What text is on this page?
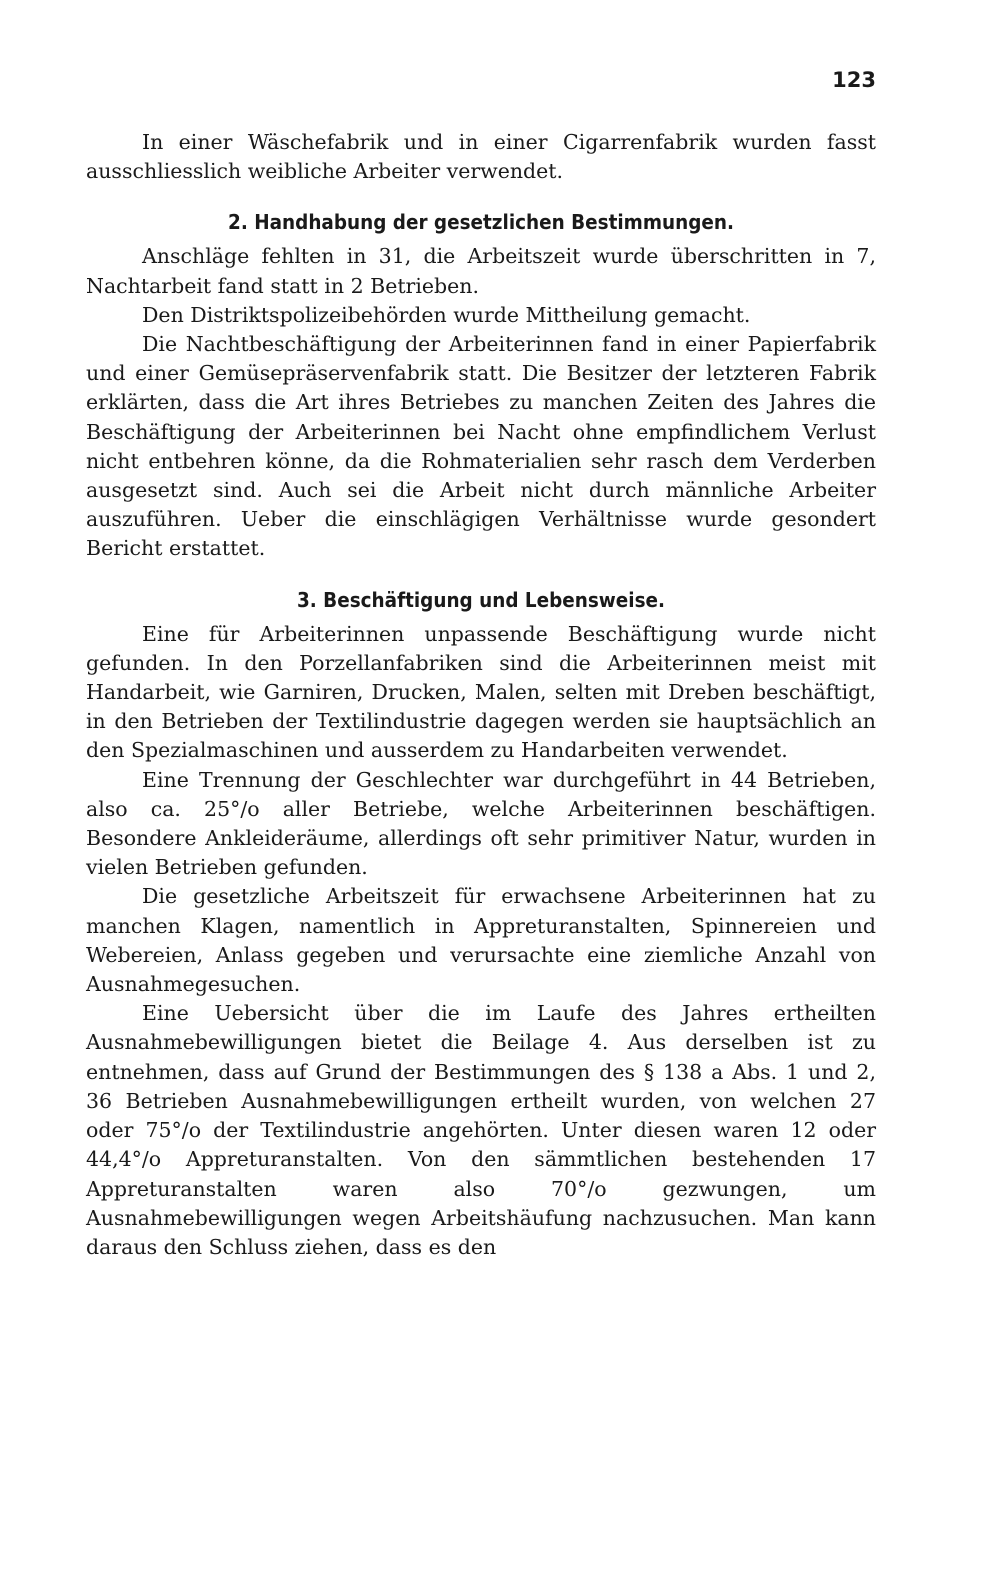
123

In einer Wäschefabrik und in einer Cigarrenfabrik wurden fasst ausschliesslich weibliche Arbeiter verwendet.

2. Handhabung der gesetzlichen Bestimmungen.

Anschläge fehlten in 31, die Arbeitszeit wurde überschritten in 7, Nachtarbeit fand statt in 2 Betrieben.

Den Distriktspolizeibehörden wurde Mittheilung gemacht.

Die Nachtbeschäftigung der Arbeiterinnen fand in einer Papierfabrik und einer Gemüsepräservenfabrik statt. Die Besitzer der letzteren Fabrik erklärten, dass die Art ihres Betriebes zu manchen Zeiten des Jahres die Beschäftigung der Arbeiterinnen bei Nacht ohne empfindlichem Verlust nicht entbehren könne, da die Rohmaterialien sehr rasch dem Verderben ausgesetzt sind. Auch sei die Arbeit nicht durch männliche Arbeiter auszuführen. Ueber die einschlägigen Verhältnisse wurde gesondert Bericht erstattet.

3. Beschäftigung und Lebensweise.

Eine für Arbeiterinnen unpassende Beschäftigung wurde nicht gefunden. In den Porzellanfabriken sind die Arbeiterinnen meist mit Handarbeit, wie Garniren, Drucken, Malen, selten mit Dreben beschäftigt, in den Betrieben der Textilindustrie dagegen werden sie hauptsächlich an den Spezialmaschinen und ausserdem zu Handarbeiten verwendet.

Eine Trennung der Geschlechter war durchgeführt in 44 Betrieben, also ca. 25°/o aller Betriebe, welche Arbeiterinnen beschäftigen. Besondere Ankleideräume, allerdings oft sehr primitiver Natur, wurden in vielen Betrieben gefunden.

Die gesetzliche Arbeitszeit für erwachsene Arbeiterinnen hat zu manchen Klagen, namentlich in Appreturanstalten, Spinnereien und Webereien, Anlass gegeben und verursachte eine ziemliche Anzahl von Ausnahmegesuchen.

Eine Uebersicht über die im Laufe des Jahres ertheilten Ausnahmebewilligungen bietet die Beilage 4. Aus derselben ist zu entnehmen, dass auf Grund der Bestimmungen des § 138 a Abs. 1 und 2, 36 Betrieben Ausnahmebewilligungen ertheilt wurden, von welchen 27 oder 75°/o der Textilindustrie angehörten. Unter diesen waren 12 oder 44,4°/o Appreturanstalten. Von den sämmtlichen bestehenden 17 Appreturanstalten waren also 70°/o gezwungen, um Ausnahmebewilligungen wegen Arbeitshäufung nachzusuchen. Man kann daraus den Schluss ziehen, dass es den
